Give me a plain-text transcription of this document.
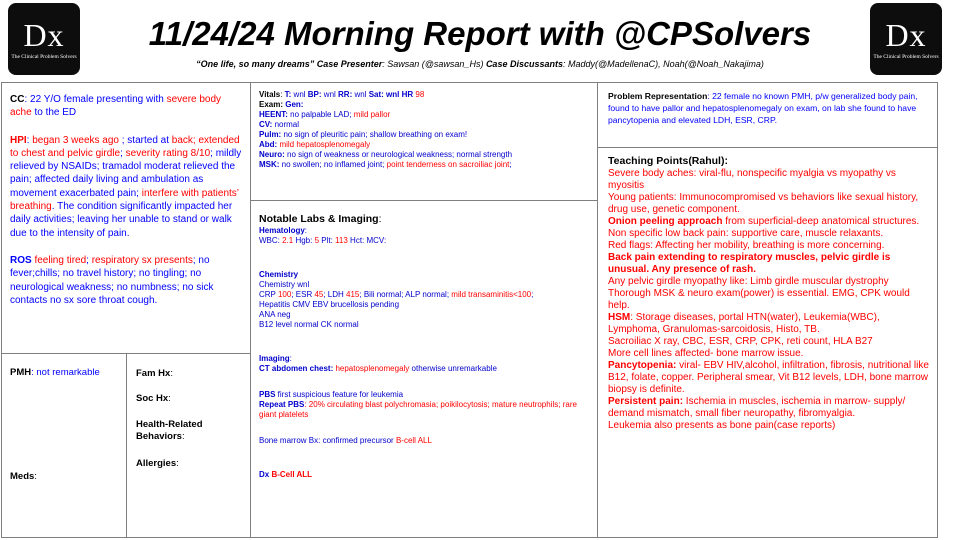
Dx
The Clinical Problem Solvers
Dx
The Clinical Problem Solvers
11/24/24 Morning Report with @CPSolvers
“One life, so many dreams” Case Presenter: Sawsan (@sawsan_Hs) Case Discussants: Maddy(@MadellenaC), Noah(@Noah_Nakajima)

CC: 22 Y/O female presenting with severe body ache to the ED

HPI: began 3 weeks ago ; started at back; extended to chest and pelvic girdle; severity rating 8/10; mildly relieved by NSAIDs; tramadol moderat relieved the pain; affected daily living and ambulation as movement exacerbated pain; interfere with patients’ breathing. The condition significantly impacted her daily activities; leaving her unable to stand or walk due to the intensity of pain.

ROS feeling tired; respiratory sx presents; no fever;chills; no travel history; no tingling; no neurological weakness; no numbness; no sick contacts no sx sore throat cough.

PMH: not remarkable
Meds:
Fam Hx:
Soc Hx:
Health-Related Behaviors:
Allergies:
Vitals: T: wnl BP: wnl RR: wnl Sat: wnl HR 98
Exam: Gen:
HEENT: no palpable LAD; mild pallor
CV: normal
Pulm: no sign of pleuritic pain; shallow breathing on exam!
Abd: mild hepatosplenomegaly
Neuro: no sign of weakness or neurological weakness; normal strength
MSK: no swollen; no inflamed joint; point tenderness on sacroiliac joint;
Notable Labs & Imaging:
Hematology:
WBC: 2.1 Hgb: 5 Plt: 113 Hct: MCV:
Chemistry
Chemistry wnl
CRP 100; ESR 45; LDH 415; Bili normal; ALP normal; mild transaminitis<100;
Hepatitis CMV EBV brucellosis pending
ANA neg
B12 level normal CK normal
Imaging:
CT abdomen chest: hepatosplenomegaly otherwise unremarkable
PBS first suspicious feature for leukemia
Repeat PBS: 20% circulating blast polychromasia; poikilocytosis; mature neutrophils; rare giant platelets
Bone marrow Bx: confirmed precursor B-cell ALL
Dx B-Cell ALL
Problem Representation: 22 female no known PMH, p/w generalized body pain, found to have pallor and hepatosplenomegaly on exam, on lab she found to have pancytopenia and elevated LDH, ESR, CRP.
Teaching Points(Rahul):
Severe body aches: viral-flu, nonspecific myalgia vs myopathy vs myositis
Young patients: Immunocompromised vs behaviors like sexual history, drug use, genetic component.
Onion peeling approach from superficial-deep anatomical structures.
Non specific low back pain: supportive care, muscle relaxants.
Red flags: Affecting her mobility, breathing is more concerning.
Back pain extending to respiratory muscles, pelvic girdle is unusual. Any presence of rash.
Any pelvic girdle myopathy like: Limb girdle muscular dystrophy
Thorough MSK & neuro exam(power) is essential. EMG, CPK would help.
HSM: Storage diseases, portal HTN(water), Leukemia(WBC), Lymphoma, Granulomas-sarcoidosis, Histo, TB.
Sacroiliac X ray, CBC, ESR, CRP, CPK, reti count, HLA B27
More cell lines affected- bone marrow issue.
Pancytopenia: viral- EBV HIV,alcohol, infiltration, fibrosis, nutritional like B12, folate, copper. Peripheral smear, Vit B12 levels, LDH, bone marrow biopsy is definite.
Persistent pain: Ischemia in muscles, ischemia in marrow- supply/ demand mismatch, small fiber neuropathy, fibromyalgia.
Leukemia also presents as bone pain(case reports)
